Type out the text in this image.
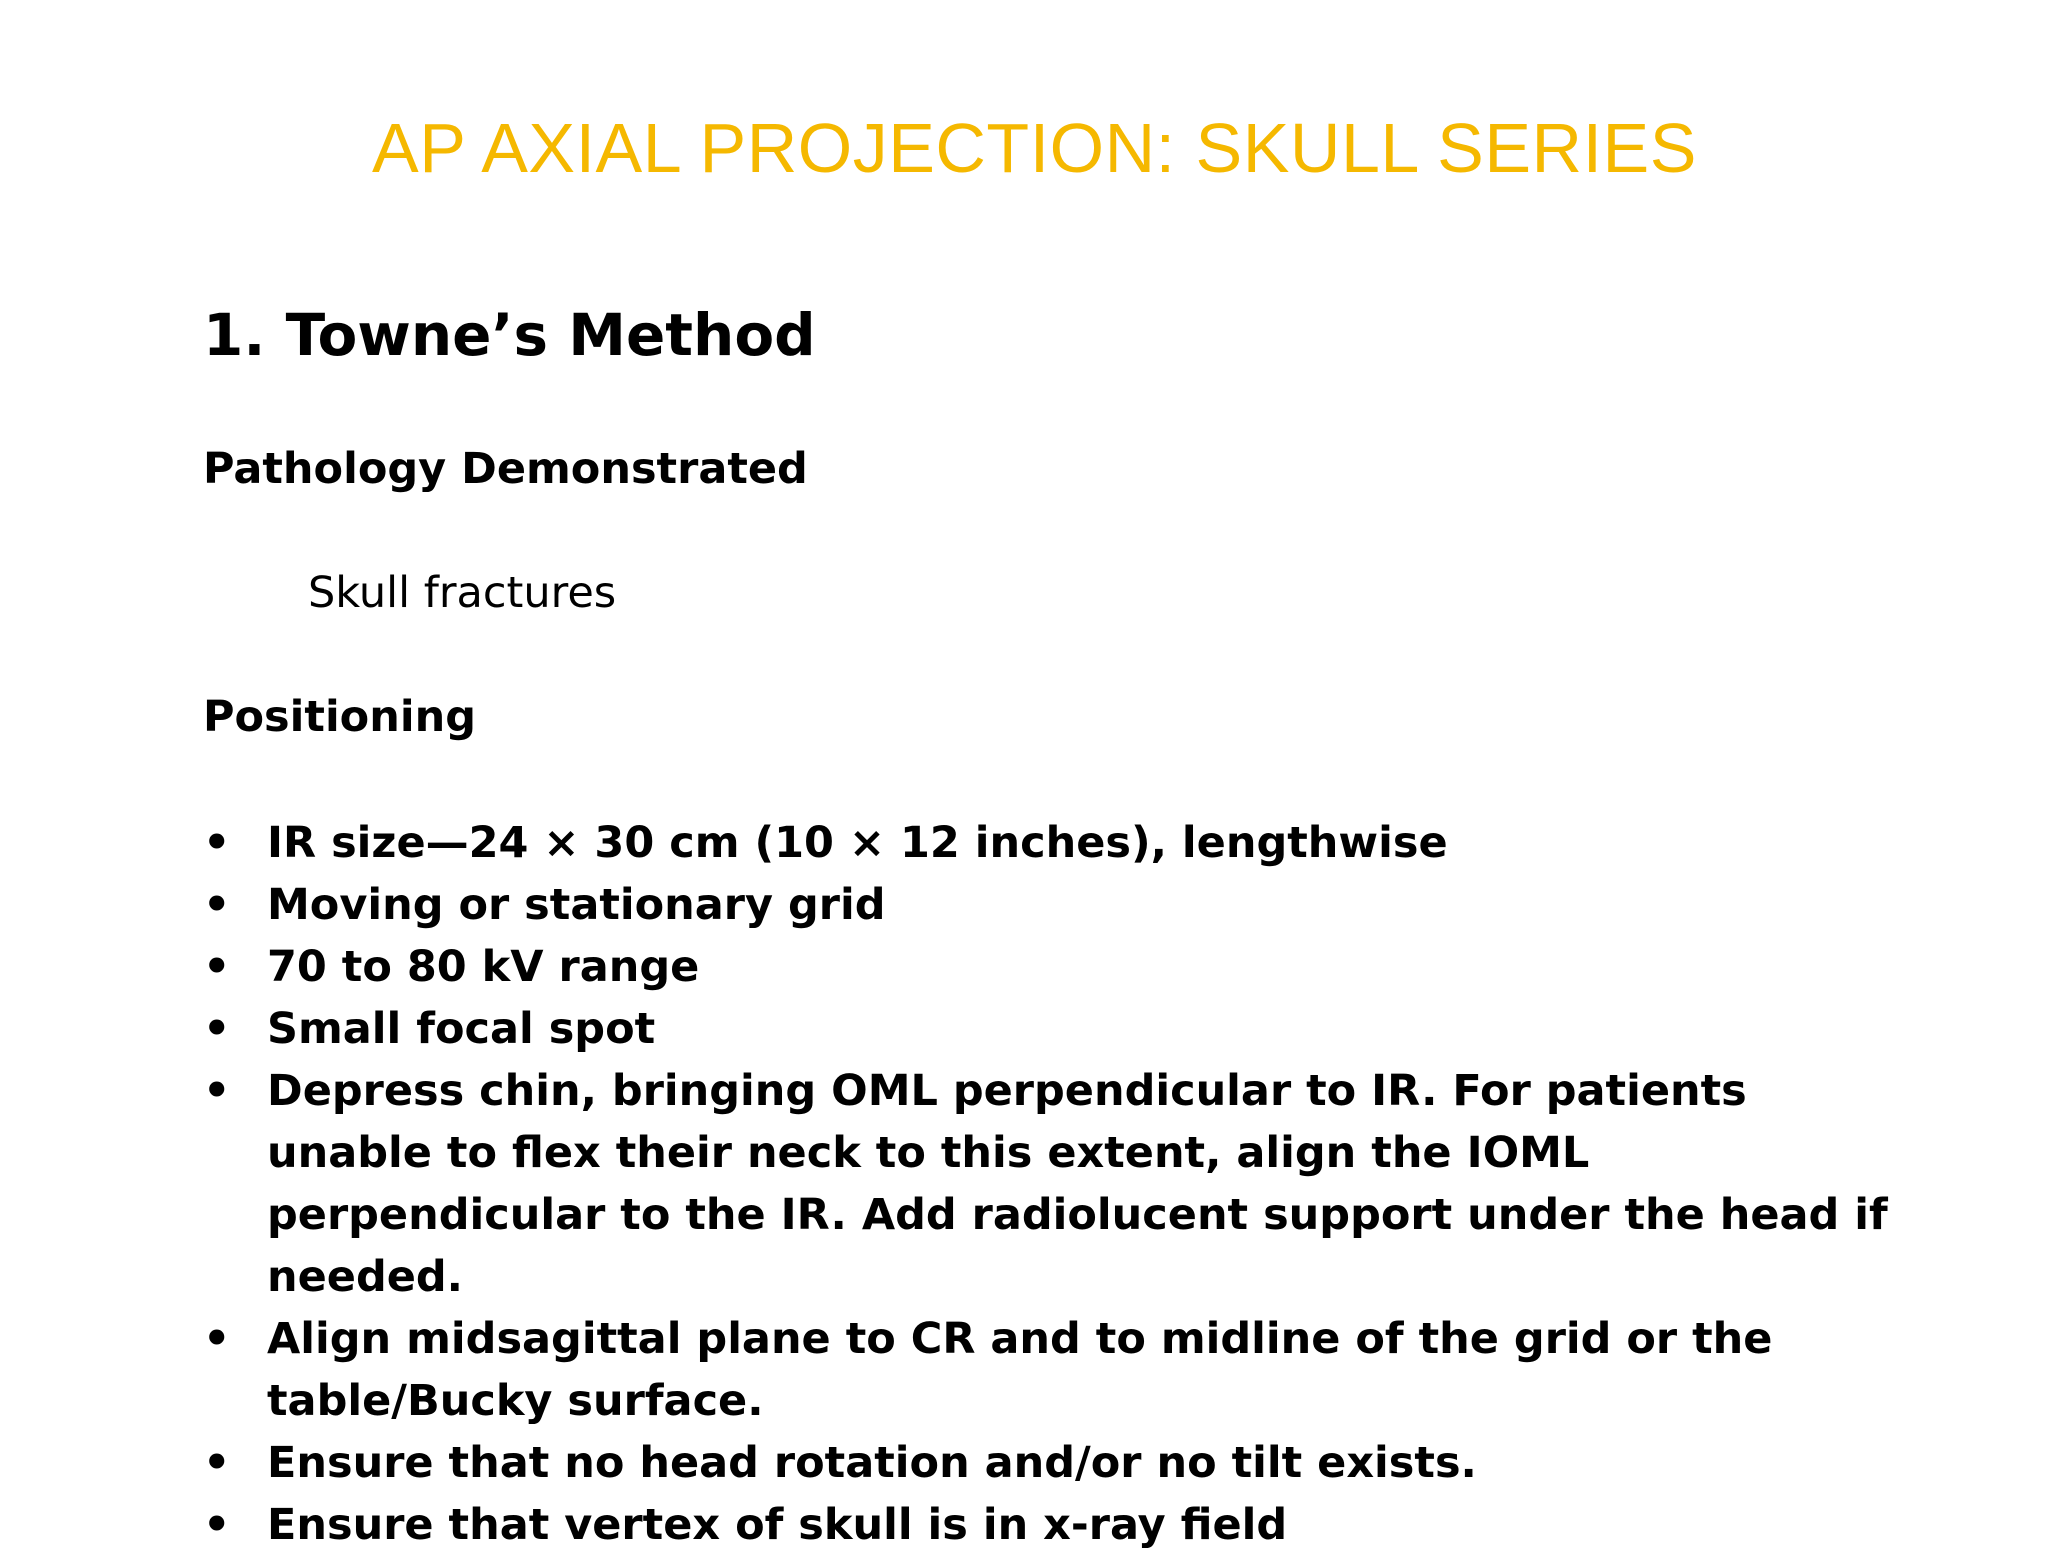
AP AXIAL PROJECTION: SKULL SERIES
1. Towne’s Method
Pathology Demonstrated
Skull fractures
Positioning
• IR size—24 × 30 cm (10 × 12 inches), lengthwise
• Moving or stationary grid
• 70 to 80 kV range
• Small focal spot
• Depress chin, bringing OML perpendicular to IR. For patients unable to flex their neck to this extent, align the IOML perpendicular to the IR. Add radiolucent support under the head if needed.
• Align midsagittal plane to CR and to midline of the grid or the table/Bucky surface.
• Ensure that no head rotation and/or no tilt exists.
• Ensure that vertex of skull is in x-ray field
